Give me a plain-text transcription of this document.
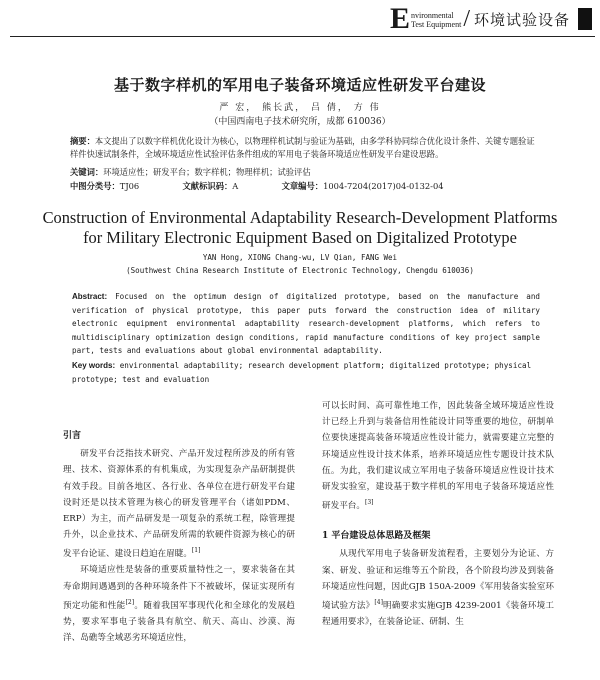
E nvironmental
Test Equipment / 环境试验设备
基于数字样机的军用电子装备环境适应性研发平台建设
严 宏， 熊长武， 吕 倩， 方 伟
（中国西南电子技术研究所，成都 610036）
摘要：本文提出了以数字样机优化设计为核心，以物理样机试制与验证为基础，由多学科协同综合优化设计条件、关键专题验证样件快速试制条件，全域环境适应性试验评估条件组成的军用电子装备环境适应性研发平台建设思路。
关键词：环境适应性；研发平台；数字样机；物理样机；试验评估
中图分类号：TJ06	文献标识码：A	文章编号：1004-7204(2017)04-0132-04
Construction of Environmental Adaptability Research-Development Platforms
for Military Electronic Equipment Based on Digitalized Prototype
YAN Hong, XIONG Chang-wu, LV Qian, FANG Wei
(Southwest China Research Institute of Electronic Technology, Chengdu 610036)
Abstract: Focused on the optimum design of digitalized prototype, based on the manufacture and verification of physical prototype, this paper puts forward the construction idea of military electronic equipment environmental adaptability research-development platforms, which refers to multidisciplinary optimization design conditions, rapid manufacture conditions of key project sample part, tests and evaluations about global environmental adaptability.
Key words: environmental adaptability; research development platform; digitalized prototype; physical prototype; test and evaluation
引言

研发平台泛指技术研究、产品开发过程所涉及的所有管理、技术、资源体系的有机集成，为实现复杂产品研制提供有效手段。目前各地区、各行业、各单位在进行研发平台建设时还是以技术管理为核心的研发管理平台（诸如PDM、ERP）为主，而产品研发是一项复杂的系统工程，除管理提升外，以企业技术、产品研发所需的软硬件资源为核心的研发平台论证、建设日趋迫在眉睫。[1]

环境适应性是装备的重要质量特性之一，要求装备在其寿命期间遇遇到的各种环境条件下不被破坏，保证实现所有预定功能和性能[2]。随着我国军事现代化和全球化的发展趋势，要求军事电子装备具有航空、航天、高山、沙漠、海洋、岛礁等全域恶劣环境适应性，

可以长时间、高可靠性地工作，因此装备全域环境适应性设计已经上升到与装备信用性能设计同等重要的地位，研制单位要快速提高装备环境适应性设计能力，就需要建立完整的环境适应性设计技术体系，培养环境适应性专题设计技术队伍。为此，我们建议成立军用电子装备环境适应性设计技术研发实验室，建设基于数字样机的军用电子装备环境适应性研发平台。[3]

1 平台建设总体思路及框架

从现代军用电子装备研发流程看，主要划分为论证、方案、研发、验证和运维等五个阶段，各个阶段均涉及到装备环境适应性问题，因此GJB 150A-2009《军用装备实验室环境试验方法》[4]明确要求实施GJB 4239-2001《装备环境工程通用要求》，在装备论证、研制、生
